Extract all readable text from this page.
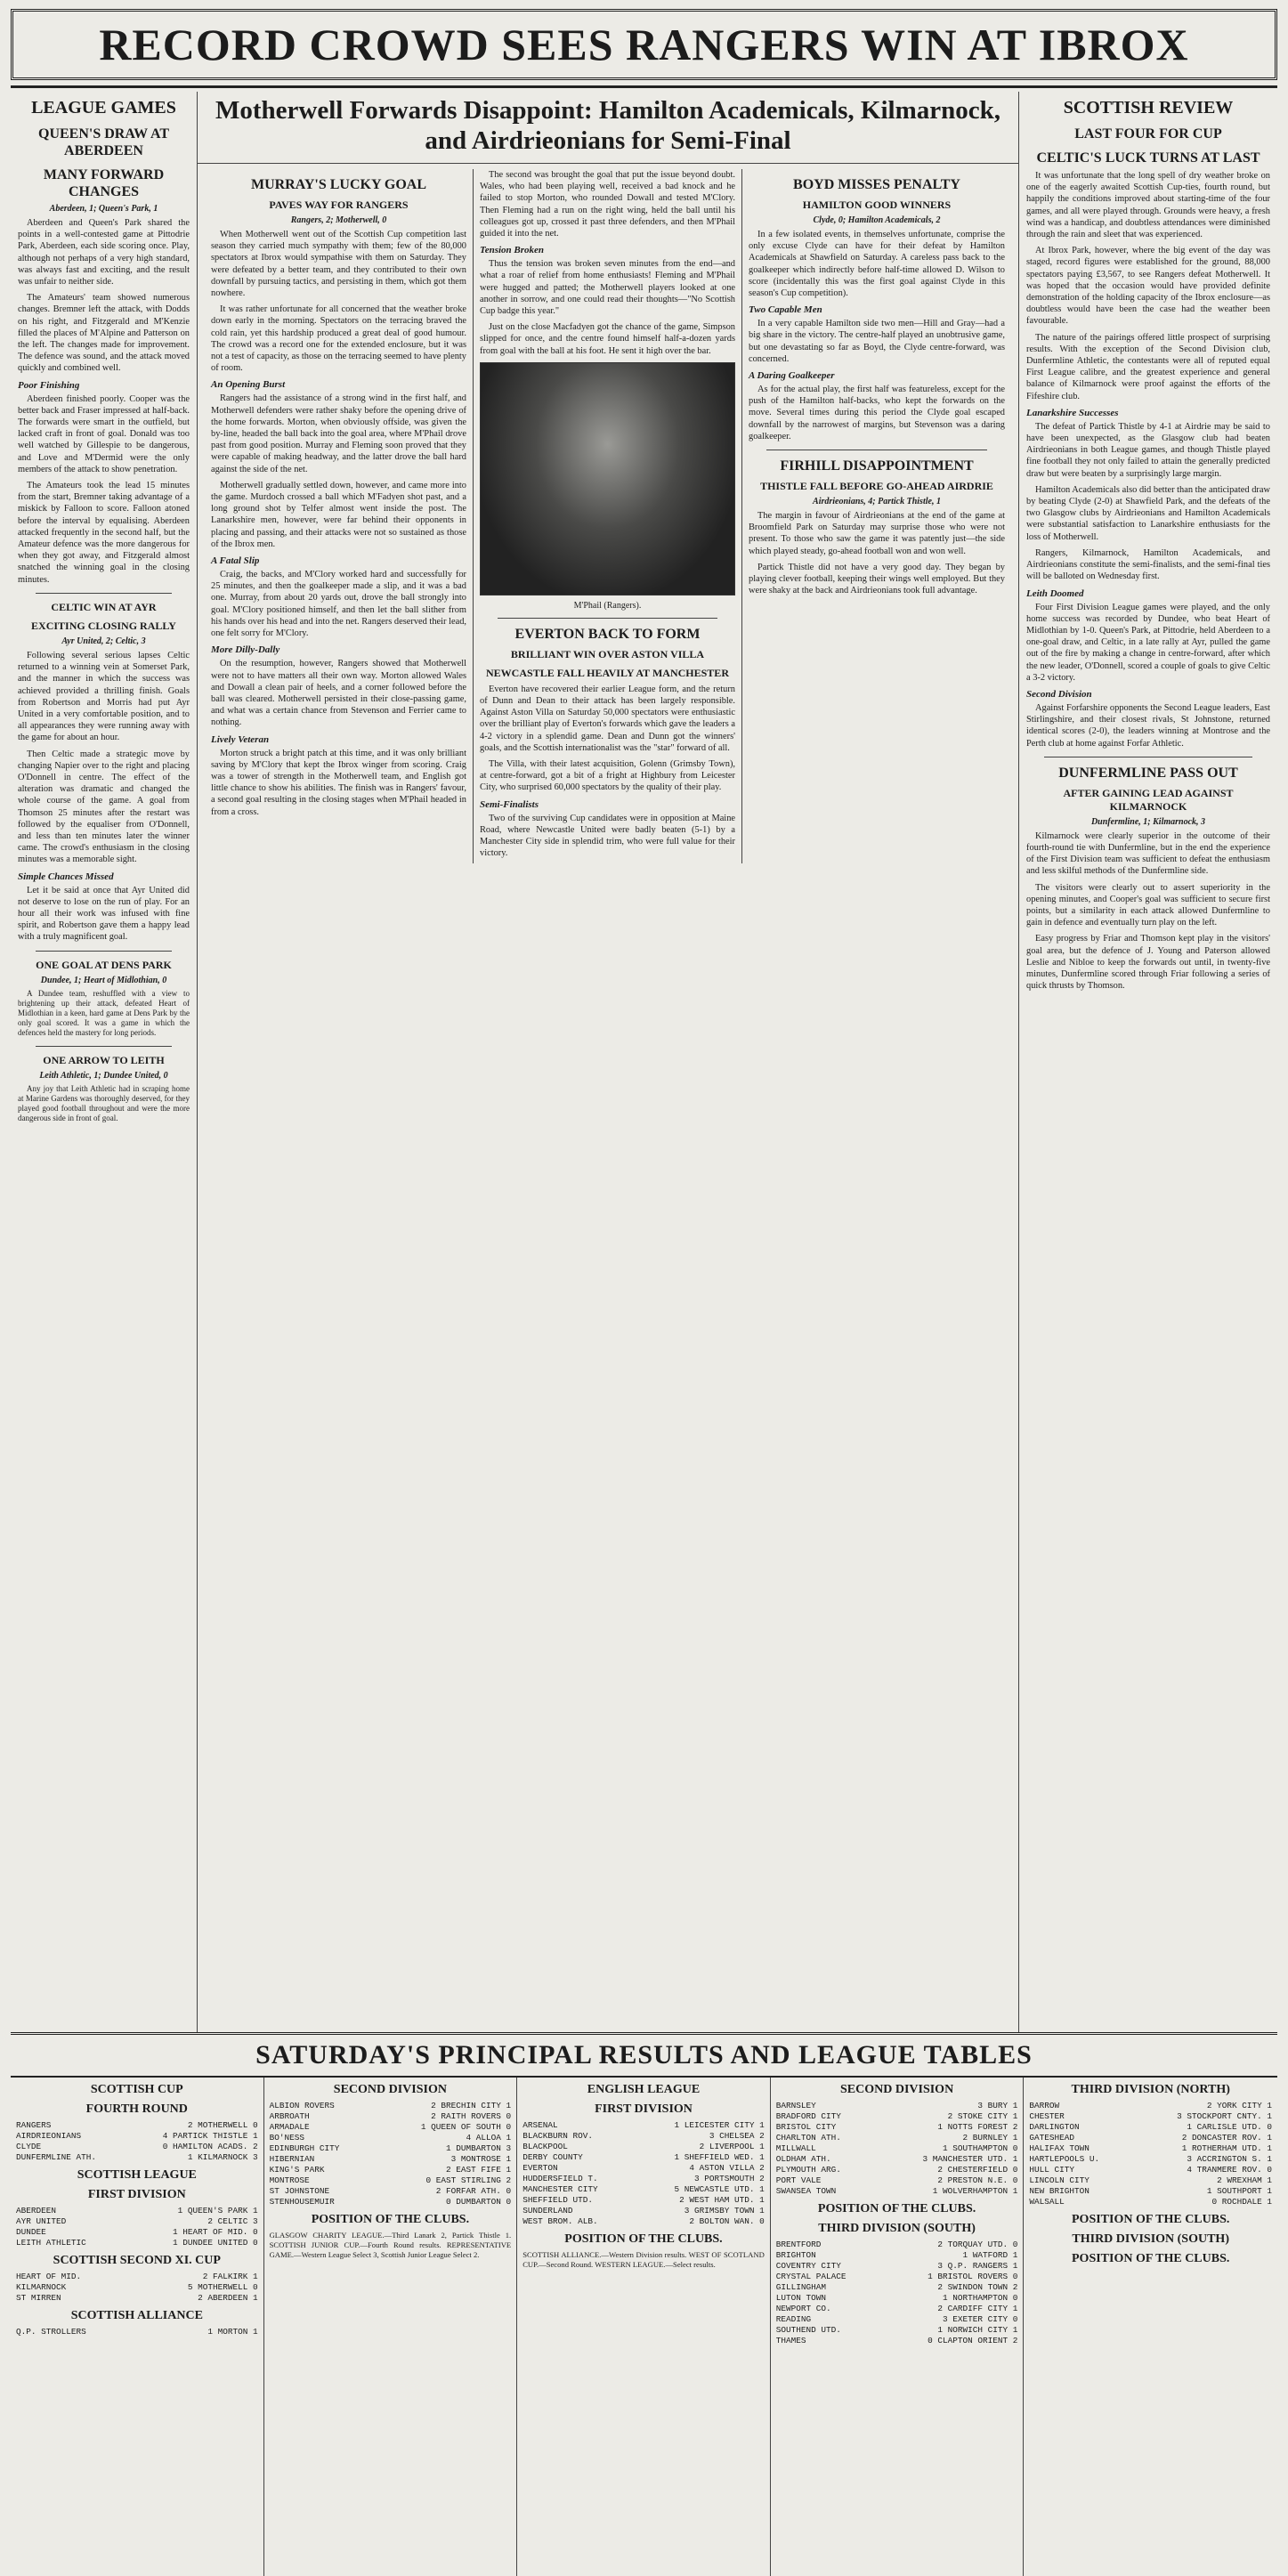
RECORD CROWD SEES RANGERS WIN AT IBROX
LEAGUE GAMES
QUEEN'S DRAW AT ABERDEEN
MANY FORWARD CHANGES
Aberdeen, 1; Queen's Park, 1

Aberdeen and Queen's Park shared the points in a well-contested game at Pittodrie Park, Aberdeen, each side scoring once. Play, although not perhaps of a very high standard, was always fast and exciting, and the result was unfair to neither side.

The Amateurs' team showed numerous changes. Bremner left the attack, with Dodds on his right, and Fitzgerald and M'Kenzie filled the places of M'Alpine and Patterson on the left. The changes made for improvement. The defence was sound, and the attack moved quickly and combined well.

Poor Finishing

Aberdeen finished poorly. Cooper was the better back and Fraser impressed at half-back. The forwards were smart in the outfield, but lacked craft in front of goal. Donald was too well watched by Gillespie to be dangerous, and Love and M'Dermid were the only members of the attack to show penetration.

The Amateurs took the lead 15 minutes from the start, Bremner taking advantage of a miskick by Falloon to score. Falloon atoned before the interval by equalising. Aberdeen attacked frequently in the second half, but the Amateur defence was the more dangerous for when they got away, and Fitzgerald almost snatched the winning goal in the closing minutes.

CELTIC WIN AT AYR
EXCITING CLOSING RALLY
Ayr United, 2; Celtic, 3

Following several serious lapses Celtic returned to a winning vein at Somerset Park, and the manner in which the success was achieved provided a thrilling finish. Goals from Robertson and Morris had put Ayr United in a very comfortable position, and to all appearances they were running away with the game for about an hour.

Then Celtic made a strategic move by changing Napier over to the right and placing O'Donnell in centre. The effect of the alteration was dramatic and changed the whole course of the game. A goal from Thomson 25 minutes after the restart was followed by the equaliser from O'Donnell, and less than ten minutes later the winner came. The crowd's enthusiasm in the closing minutes was a memorable sight.

Simple Chances Missed

Let it be said at once that Ayr United did not deserve to lose on the run of play. For an hour all their work was infused with fine spirit, and Robertson gave them a happy lead with a truly magnificent goal.

ONE GOAL AT DENS PARK
Dundee, 1; Heart of Midlothian, 0

A Dundee team, reshuffled with a view to brightening up their attack, defeated Heart of Midlothian in a keen, hard game at Dens Park by the only goal scored. It was a game in which the defences held the mastery for long periods.

ONE ARROW TO LEITH
Leith Athletic, 1; Dundee United, 0

Any joy that Leith Athletic had in scraping home at Marine Gardens was thoroughly deserved, for they played good football throughout and were the more dangerous side in front of goal.

Motherwell Forwards Disappoint: Hamilton Academicals, Kilmarnock, and Airdrieonians for Semi-Final
MURRAY'S LUCKY GOAL
PAVES WAY FOR RANGERS
Rangers, 2; Motherwell, 0

When Motherwell went out of the Scottish Cup competition last season they carried much sympathy with them; few of the 80,000 spectators at Ibrox would sympathise with them on Saturday. They were defeated by a better team, and they contributed to their own downfall by pursuing tactics, and persisting in them, which got them nowhere.

It was rather unfortunate for all concerned that the weather broke down early in the morning. Spectators on the terracing braved the cold rain, yet this hardship produced a great deal of good humour. The crowd was a record one for the extended enclosure, but it was not a test of capacity, as those on the terracing seemed to have plenty of room.

An Opening Burst

Rangers had the assistance of a strong wind in the first half, and Motherwell defenders were rather shaky before the opening drive of the home forwards. Morton, when obviously offside, was given the by-line, headed the ball back into the goal area, where M'Phail drove past from good position. Murray and Fleming soon proved that they were capable of making headway, and the latter drove the ball hard against the side of the net.

Motherwell gradually settled down, however, and came more into the game. Murdoch crossed a ball which M'Fadyen shot past, and a long ground shot by Telfer almost went inside the post. The Lanarkshire men, however, were far behind their opponents in placing and passing, and their attacks were not so sustained as those of the Ibrox men.

A Fatal Slip

Craig, the backs, and M'Clory worked hard and successfully for 25 minutes, and then the goalkeeper made a slip, and it was a bad one. Murray, from about 20 yards out, drove the ball strongly into goal. M'Clory positioned himself, and then let the ball slither from his hands over his head and into the net. Rangers deserved their lead, one felt sorry for M'Clory.

More Dilly-Dally

On the resumption, however, Rangers showed that Motherwell were not to have matters all their own way. Morton allowed Wales and Dowall a clean pair of heels, and a corner followed before the ball was cleared. Motherwell persisted in their close-passing game, and what was a certain chance from Stevenson and Ferrier came to nothing.

Lively Veteran

Morton struck a bright patch at this time, and it was only brilliant saving by M'Clory that kept the Ibrox winger from scoring. Craig was a tower of strength in the Motherwell team, and English got little chance to show his abilities. The finish was in Rangers' favour, a second goal resulting in the closing stages when M'Phail headed in from a cross.

The second was brought the goal that put the issue beyond doubt. Wales, who had been playing well, received a bad knock and he failed to stop Morton, who rounded Dowall and tested M'Clory. Then Fleming had a run on the right wing, held the ball until his colleagues got up, crossed it past three defenders, and then M'Phail guided it into the net.

Tension Broken

Thus the tension was broken seven minutes from the end—and what a roar of relief from home enthusiasts! Fleming and M'Phail were hugged and patted; the Motherwell players looked at one another in sorrow, and one could read their thoughts—"No Scottish Cup badge this year."

Just on the close Macfadyen got the chance of the game, Simpson slipped for once, and the centre found himself half-a-dozen yards from goal with the ball at his foot. He sent it high over the bar.

M'Phail (Rangers).
EVERTON BACK TO FORM
BRILLIANT WIN OVER ASTON VILLA
NEWCASTLE FALL HEAVILY AT MANCHESTER

Everton have recovered their earlier League form, and the return of Dunn and Dean to their attack has been largely responsible. Against Aston Villa on Saturday 50,000 spectators were enthusiastic over the brilliant play of Everton's forwards which gave the leaders a 4-2 victory in a splendid game. Dean and Dunn got the winners' goals, and the Scottish internationalist was the "star" forward of all.

The Villa, with their latest acquisition, Golenn (Grimsby Town), at centre-forward, got a bit of a fright at Highbury from Leicester City, who surprised 60,000 spectators by the quality of their play.

Semi-Finalists

Two of the surviving Cup candidates were in opposition at Maine Road, where Newcastle United were badly beaten (5-1) by a Manchester City side in splendid trim, who were full value for their victory.

BOYD MISSES PENALTY
HAMILTON GOOD WINNERS
Clyde, 0; Hamilton Academicals, 2

In a few isolated events, in themselves unfortunate, comprise the only excuse Clyde can have for their defeat by Hamilton Academicals at Shawfield on Saturday. A careless pass back to the goalkeeper which indirectly before half-time allowed D. Wilson to score (incidentally this was the first goal against Clyde in this season's Cup competition).

Two Capable Men

In a very capable Hamilton side two men—Hill and Gray—had a big share in the victory. The centre-half played an unobtrusive game, but one devastating so far as Boyd, the Clyde centre-forward, was concerned.

A Daring Goalkeeper

As for the actual play, the first half was featureless, except for the push of the Hamilton half-backs, who kept the forwards on the move. Several times during this period the Clyde goal escaped downfall by the narrowest of margins, but Stevenson was a daring goalkeeper.

FIRHILL DISAPPOINTMENT
THISTLE FALL BEFORE GO-AHEAD AIRDRIE
Airdrieonians, 4; Partick Thistle, 1

The margin in favour of Airdrieonians at the end of the game at Broomfield Park on Saturday may surprise those who were not present. To those who saw the game it was patently just—the side which played steady, go-ahead football won and won well.

Partick Thistle did not have a very good day. They began by playing clever football, keeping their wings well employed. But they were shaky at the back and Airdrieonians took full advantage.

SCOTTISH REVIEW
LAST FOUR FOR CUP
CELTIC'S LUCK TURNS AT LAST

It was unfortunate that the long spell of dry weather broke on one of the eagerly awaited Scottish Cup-ties, fourth round, but happily the conditions improved about starting-time of the four games, and all were played through. Grounds were heavy, a fresh wind was a handicap, and doubtless attendances were diminished through the rain and sleet that was experienced.

At Ibrox Park, however, where the big event of the day was staged, record figures were established for the ground, 88,000 spectators paying £3,567, to see Rangers defeat Motherwell. It was hoped that the occasion would have provided definite demonstration of the holding capacity of the Ibrox enclosure—as doubtless would have been the case had the weather been favourable.

The nature of the pairings offered little prospect of surprising results. With the exception of the Second Division club, Dunfermline Athletic, the contestants were all of reputed equal First League calibre, and the greatest experience and general balance of Kilmarnock were proof against the efforts of the Fifeshire club.

Lanarkshire Successes

The defeat of Partick Thistle by 4-1 at Airdrie may be said to have been unexpected, as the Glasgow club had beaten Airdrieonians in both League games, and though Thistle played fine football they not only failed to attain the generally predicted draw but were beaten by a surprisingly large margin.

Hamilton Academicals also did better than the anticipated draw by beating Clyde (2-0) at Shawfield Park, and the defeats of the two Glasgow clubs by Airdrieonians and Hamilton Academicals were substantial satisfaction to Lanarkshire enthusiasts for the loss of Motherwell.

Rangers, Kilmarnock, Hamilton Academicals, and Airdrieonians constitute the semi-finalists, and the semi-final ties will be balloted on Wednesday first.

Leith Doomed

Four First Division League games were played, and the only home success was recorded by Dundee, who beat Heart of Midlothian by 1-0. Queen's Park, at Pittodrie, held Aberdeen to a one-goal draw, and Celtic, in a late rally at Ayr, pulled the game out of the fire by making a change in centre-forward, after which the new leader, O'Donnell, scored a couple of goals to give Celtic a 3-2 victory.

Second Division

Against Forfarshire opponents the Second League leaders, East Stirlingshire, and their closest rivals, St Johnstone, returned identical scores (2-0), the leaders winning at Montrose and the Perth club at home against Forfar Athletic.

DUNFERMLINE PASS OUT
AFTER GAINING LEAD AGAINST KILMARNOCK
Dunfermline, 1; Kilmarnock, 3

Kilmarnock were clearly superior in the outcome of their fourth-round tie with Dunfermline, but in the end the experience of the First Division team was sufficient to defeat the enthusiasm and less skilful methods of the Dunfermline side.

The visitors were clearly out to assert superiority in the opening minutes, and Cooper's goal was sufficient to secure first points, but a similarity in each attack allowed Dunfermline to gain in defence and eventually turn play on the left.

Easy progress by Friar and Thomson kept play in the visitors' goal area, but the defence of J. Young and Paterson allowed Leslie and Nibloe to keep the forwards out until, in twenty-five minutes, Dunfermline scored through Friar following a series of quick thrusts by Thomson.

SATURDAY'S PRINCIPAL RESULTS AND LEAGUE TABLES
SCOTTISH CUP
FOURTH ROUND
RANGERS	2 MOTHERWELL 0
AIRDRIEONIANS	4 PARTICK THISTLE 1
CLYDE	0 HAMILTON ACADS. 2
DUNFERMLINE ATH.	1 KILMARNOCK 3
SCOTTISH LEAGUE
FIRST DIVISION
ABERDEEN	1 QUEEN'S PARK 1
AYR UNITED	2 CELTIC 3
DUNDEE	1 HEART OF MID. 0
LEITH ATHLETIC	1 DUNDEE UNITED 0
SCOTTISH SECOND XI. CUP
HEART OF MID.	2 FALKIRK 1
KILMARNOCK	5 MOTHERWELL 0
ST MIRREN	2 ABERDEEN 1
SCOTTISH ALLIANCE
Q.P. STROLLERS	1 MORTON 1
SECOND DIVISION
ALBION ROVERS	2 BRECHIN CITY 1
ARBROATH	2 RAITH ROVERS 0
ARMADALE	1 QUEEN OF SOUTH 0
BO'NESS	4 ALLOA 1
EDINBURGH CITY	1 DUMBARTON 3
HIBERNIAN	3 MONTROSE 1
KING'S PARK	2 EAST FIFE 1
MONTROSE	0 EAST STIRLING 2
ST JOHNSTONE	2 FORFAR ATH. 0
STENHOUSEMUIR	0 DUMBARTON 0
POSITION OF THE CLUBS.
GLASGOW CHARITY LEAGUE.—Third Lanark 2, Partick Thistle 1. SCOTTISH JUNIOR CUP.—Fourth Round results. REPRESENTATIVE GAME.—Western League Select 3, Scottish Junior League Select 2.
ENGLISH LEAGUE
FIRST DIVISION
ARSENAL	1 LEICESTER CITY 1
BLACKBURN ROV.	3 CHELSEA 2
BLACKPOOL	2 LIVERPOOL 1
DERBY COUNTY	1 SHEFFIELD WED. 1
EVERTON	4 ASTON VILLA 2
HUDDERSFIELD T.	3 PORTSMOUTH 2
MANCHESTER CITY	5 NEWCASTLE UTD. 1
SHEFFIELD UTD.	2 WEST HAM UTD. 1
SUNDERLAND	3 GRIMSBY TOWN 1
WEST BROM. ALB.	2 BOLTON WAN. 0
POSITION OF THE CLUBS.
SCOTTISH ALLIANCE.—Western Division results. WEST OF SCOTLAND CUP.—Second Round. WESTERN LEAGUE.—Select results.
SECOND DIVISION
BARNSLEY	3 BURY 1
BRADFORD CITY	2 STOKE CITY 1
BRISTOL CITY	1 NOTTS FOREST 2
CHARLTON ATH.	2 BURNLEY 1
MILLWALL	1 SOUTHAMPTON 0
OLDHAM ATH.	3 MANCHESTER UTD. 1
PLYMOUTH ARG.	2 CHESTERFIELD 0
PORT VALE	2 PRESTON N.E. 0
SWANSEA TOWN	1 WOLVERHAMPTON 1
POSITION OF THE CLUBS.
THIRD DIVISION (SOUTH)
BRENTFORD	2 TORQUAY UTD. 0
BRIGHTON	1 WATFORD 1
COVENTRY CITY	3 Q.P. RANGERS 1
CRYSTAL PALACE	1 BRISTOL ROVERS 0
GILLINGHAM	2 SWINDON TOWN 2
LUTON TOWN	1 NORTHAMPTON 0
NEWPORT CO.	2 CARDIFF CITY 1
READING	3 EXETER CITY 0
SOUTHEND UTD.	1 NORWICH CITY 1
THAMES	0 CLAPTON ORIENT 2
THIRD DIVISION (NORTH)
BARROW	2 YORK CITY 1
CHESTER	3 STOCKPORT CNTY. 1
DARLINGTON	1 CARLISLE UTD. 0
GATESHEAD	2 DONCASTER ROV. 1
HALIFAX TOWN	1 ROTHERHAM UTD. 1
HARTLEPOOLS U.	3 ACCRINGTON S. 1
HULL CITY	4 TRANMERE ROV. 0
LINCOLN CITY	2 WREXHAM 1
NEW BRIGHTON	1 SOUTHPORT 1
WALSALL	0 ROCHDALE 1
POSITION OF THE CLUBS.
THIRD DIVISION (SOUTH)
POSITION OF THE CLUBS.
